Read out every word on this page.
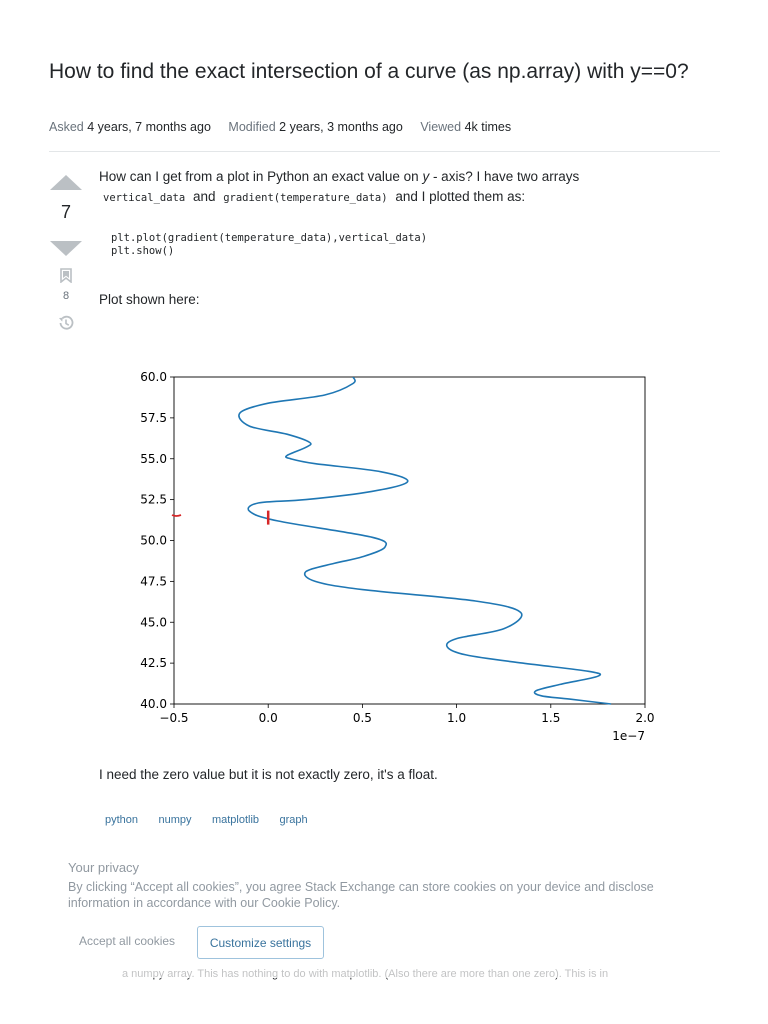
How to find the exact intersection of a curve (as np.array) with y==0?
Asked 4 years, 7 months ago Modified 2 years, 3 months ago Viewed 4k times
7
8
How can I get from a plot in Python an exact value on y - axis? I have two arrays
vertical_data and gradient(temperature_data) and I plotted them as:
plt.plot(gradient(temperature_data),vertical_data)
plt.show()
Plot shown here:
40.0
42.5
45.0
47.5
50.0
52.5
55.0
57.5
60.0
−0.5	0.0	0.5	1.0	1.5	2.0
1e−7
I need the zero value but it is not exactly zero, it's a float.
python numpy matplotlib graph
Your privacy
By clicking “Accept all cookies”, you agree Stack Exchange can store cookies on your device and disclose information in accordance with our Cookie Policy.
Accept all cookies	Customize settings
